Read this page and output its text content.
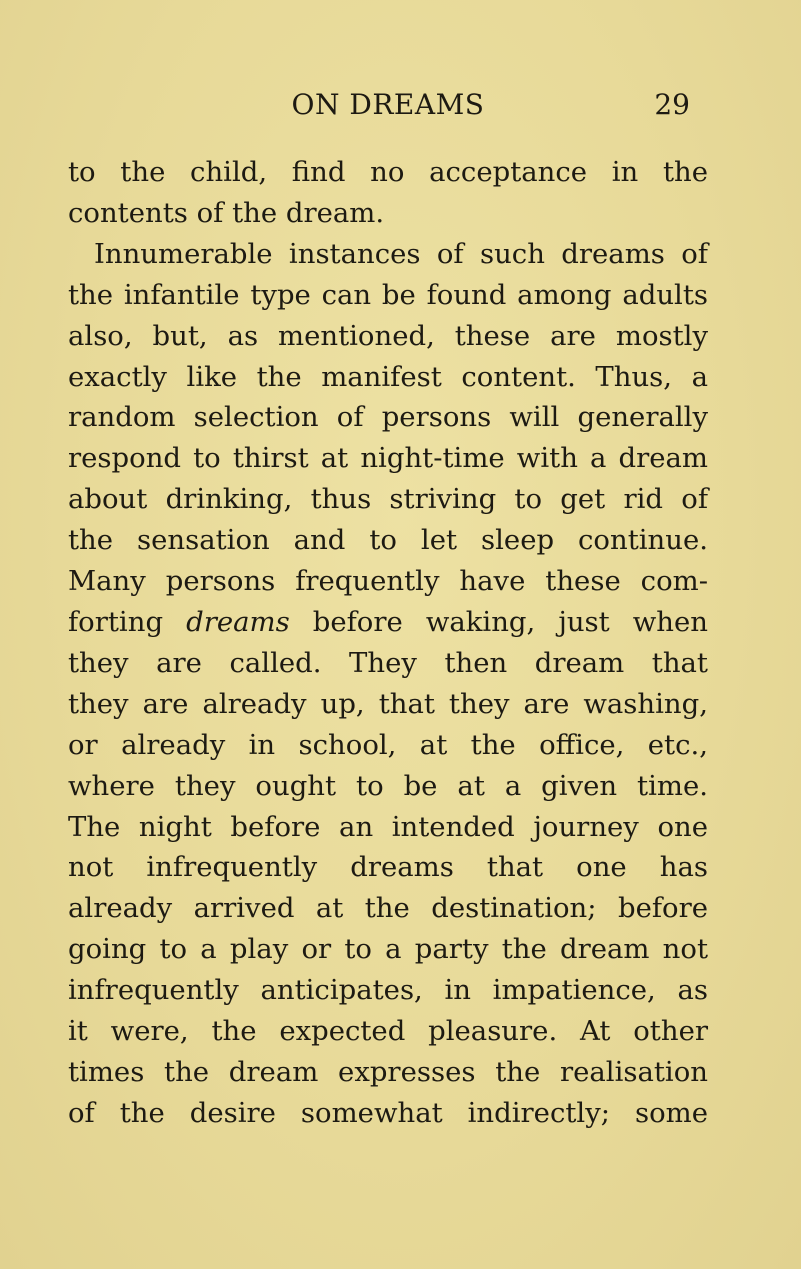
ON DREAMS	29
to the child, find no acceptance in the
contents of the dream.
Innumerable instances of such dreams of
the infantile type can be found among adults
also, but, as mentioned, these are mostly
exactly like the manifest content. Thus, a
random selection of persons will generally
respond to thirst at night-time with a dream
about drinking, thus striving to get rid of
the sensation and to let sleep continue.
Many persons frequently have these com-
forting dreams before waking, just when
they are called. They then dream that
they are already up, that they are washing,
or already in school, at the office, etc.,
where they ought to be at a given time.
The night before an intended journey one
not infrequently dreams that one has
already arrived at the destination; before
going to a play or to a party the dream not
infrequently anticipates, in impatience, as
it were, the expected pleasure. At other
times the dream expresses the realisation
of the desire somewhat indirectly; some
